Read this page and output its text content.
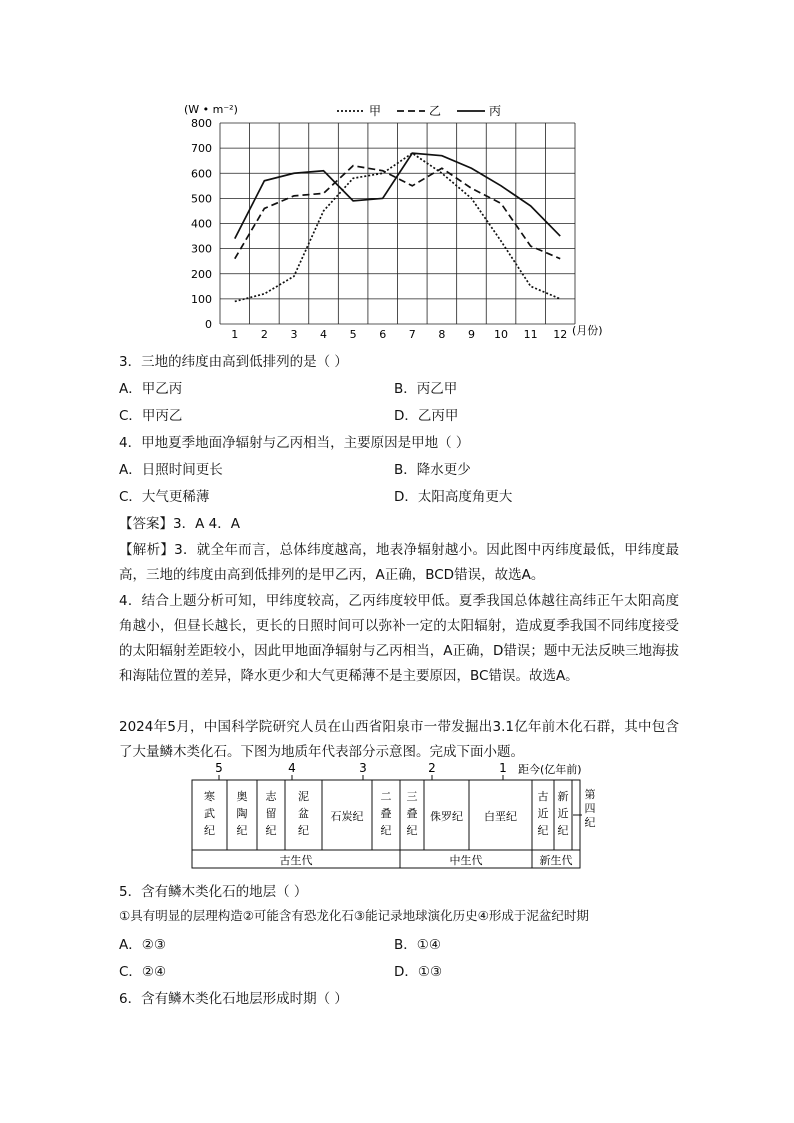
0
100
200
300
400
500
600
700
800
1 2 3 4 5 6 7 8 9 10 11 12
甲	乙	丙
(W • m⁻²)
(月份)
3．三地的纬度由高到低排列的是（ ）
A．甲乙丙	B．丙乙甲
C．甲丙乙	D．乙丙甲
4．甲地夏季地面净辐射与乙丙相当，主要原因是甲地（ ）
A．日照时间更长	B．降水更少
C．大气更稀薄	D．太阳高度角更大
【答案】3．A 4．A
【解析】3．就全年而言，总体纬度越高，地表净辐射越小。因此图中丙纬度最低，甲纬度最高，三地的纬度由高到低排列的是甲乙丙，A正确，BCD错误，故选A。
4．结合上题分析可知，甲纬度较高，乙丙纬度较甲低。夏季我国总体越往高纬正午太阳高度角越小，但昼长越长，更长的日照时间可以弥补一定的太阳辐射，造成夏季我国不同纬度接受的太阳辐射差距较小，因此甲地面净辐射与乙丙相当，A正确，D错误；题中无法反映三地海拔和海陆位置的差异，降水更少和大气更稀薄不是主要原因，BC错误。故选A。
2024年5月，中国科学院研究人员在山西省阳泉市一带发掘出3.1亿年前木化石群，其中包含了大量鳞木类化石。下图为地质年代表部分示意图。完成下面小题。
5	4	3	2	1 距今(亿年前)
寒
武
纪
奥
陶
纪
志
留
纪
泥
盆
纪
石炭纪
二
叠
纪
三
叠
纪
侏罗纪 白垩纪
古
近
纪
新
近
纪
第
四
纪
古生代	中生代	新生代
5．含有鳞木类化石的地层（ ）
①具有明显的层理构造②可能含有恐龙化石③能记录地球演化历史④形成于泥盆纪时期
A．②③	B．①④
C．②④	D．①③
6．含有鳞木类化石地层形成时期（ ）
